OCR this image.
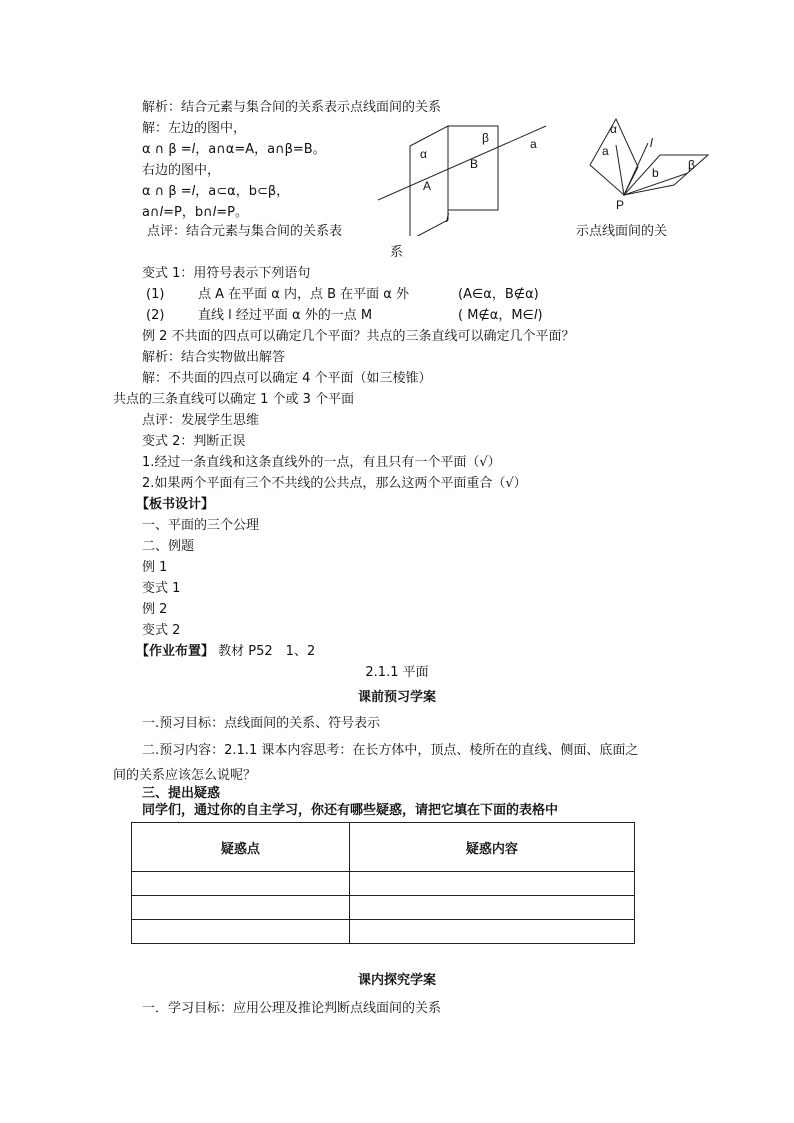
解析：结合元素与集合间的关系表示点线面间的关系
解：左边的图中，
α ∩ β =l，a∩α=A，a∩β=B。
右边的图中，
α ∩ β =l，a⊂α，b⊂β，
a∩l=P，b∩l=P。
点评：结合元素与集合间的关系表	示点线面间的关
系
变式 1：用符号表示下列语句
(1)	点 A 在平面 α 内，点 B 在平面 α 外	(A∈α，B∉α)
(2)	直线 l 经过平面 α 外的一点 M	( M∉α，M∈l)
例 2 不共面的四点可以确定几个平面？共点的三条直线可以确定几个平面？
解析：结合实物做出解答
解：不共面的四点可以确定 4 个平面（如三棱锥）
共点的三条直线可以确定 1 个或 3 个平面
点评：发展学生思维
变式 2：判断正误
1.经过一条直线和这条直线外的一点，有且只有一个平面（√）
2.如果两个平面有三个不共线的公共点，那么这两个平面重合（√）
【板书设计】
一、平面的三个公理
二、例题
例 1
变式 1
例 2
变式 2
【作业布置】 教材 P52　1、2
2.1.1 平面
课前预习学案
一.预习目标：点线面间的关系、符号表示
二.预习内容：2.1.1 课本内容思考：在长方体中，顶点、棱所在的直线、侧面、底面之
间的关系应该怎么说呢？
三、提出疑惑
同学们，通过你的自主学习，你还有哪些疑惑，请把它填在下面的表格中
疑惑点	疑惑内容

课内探究学案
一．学习目标：应用公理及推论判断点线面间的关系
α
β	a
A
B
l
α
β
a
b
l
P
